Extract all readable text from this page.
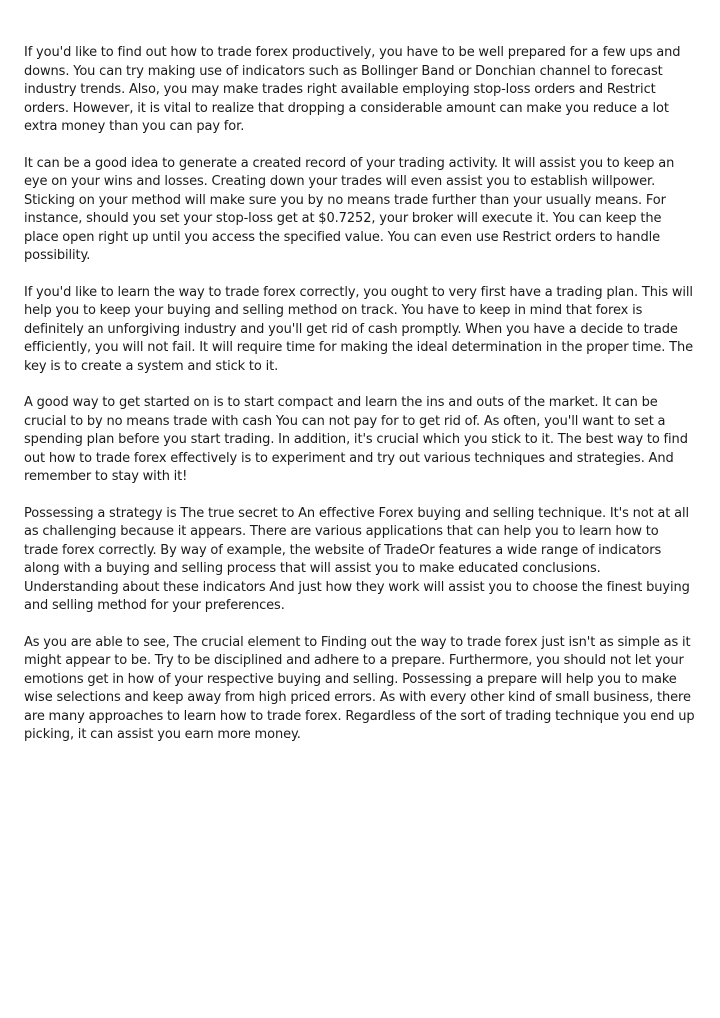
If you'd like to find out how to trade forex productively, you have to be well prepared for a few ups and downs. You can try making use of indicators such as Bollinger Band or Donchian channel to forecast industry trends. Also, you may make trades right available employing stop-loss orders and Restrict orders. However, it is vital to realize that dropping a considerable amount can make you reduce a lot extra money than you can pay for.

It can be a good idea to generate a created record of your trading activity. It will assist you to keep an eye on your wins and losses. Creating down your trades will even assist you to establish willpower. Sticking on your method will make sure you by no means trade further than your usually means. For instance, should you set your stop-loss get at $0.7252, your broker will execute it. You can keep the place open right up until you access the specified value. You can even use Restrict orders to handle possibility.

If you'd like to learn the way to trade forex correctly, you ought to very first have a trading plan. This will help you to keep your buying and selling method on track. You have to keep in mind that forex is definitely an unforgiving industry and you'll get rid of cash promptly. When you have a decide to trade efficiently, you will not fail. It will require time for making the ideal determination in the proper time. The key is to create a system and stick to it.

A good way to get started on is to start compact and learn the ins and outs of the market. It can be crucial to by no means trade with cash You can not pay for to get rid of. As often, you'll want to set a spending plan before you start trading. In addition, it's crucial which you stick to it. The best way to find out how to trade forex effectively is to experiment and try out various techniques and strategies. And remember to stay with it!

Possessing a strategy is The true secret to An effective Forex buying and selling technique. It's not at all as challenging because it appears. There are various applications that can help you to learn how to trade forex correctly. By way of example, the website of TradeOr features a wide range of indicators along with a buying and selling process that will assist you to make educated conclusions. Understanding about these indicators And just how they work will assist you to choose the finest buying and selling method for your preferences.

As you are able to see, The crucial element to Finding out the way to trade forex just isn't as simple as it might appear to be. Try to be disciplined and adhere to a prepare. Furthermore, you should not let your emotions get in how of your respective buying and selling. Possessing a prepare will help you to make wise selections and keep away from high priced errors. As with every other kind of small business, there are many approaches to learn how to trade forex. Regardless of the sort of trading technique you end up picking, it can assist you earn more money.
